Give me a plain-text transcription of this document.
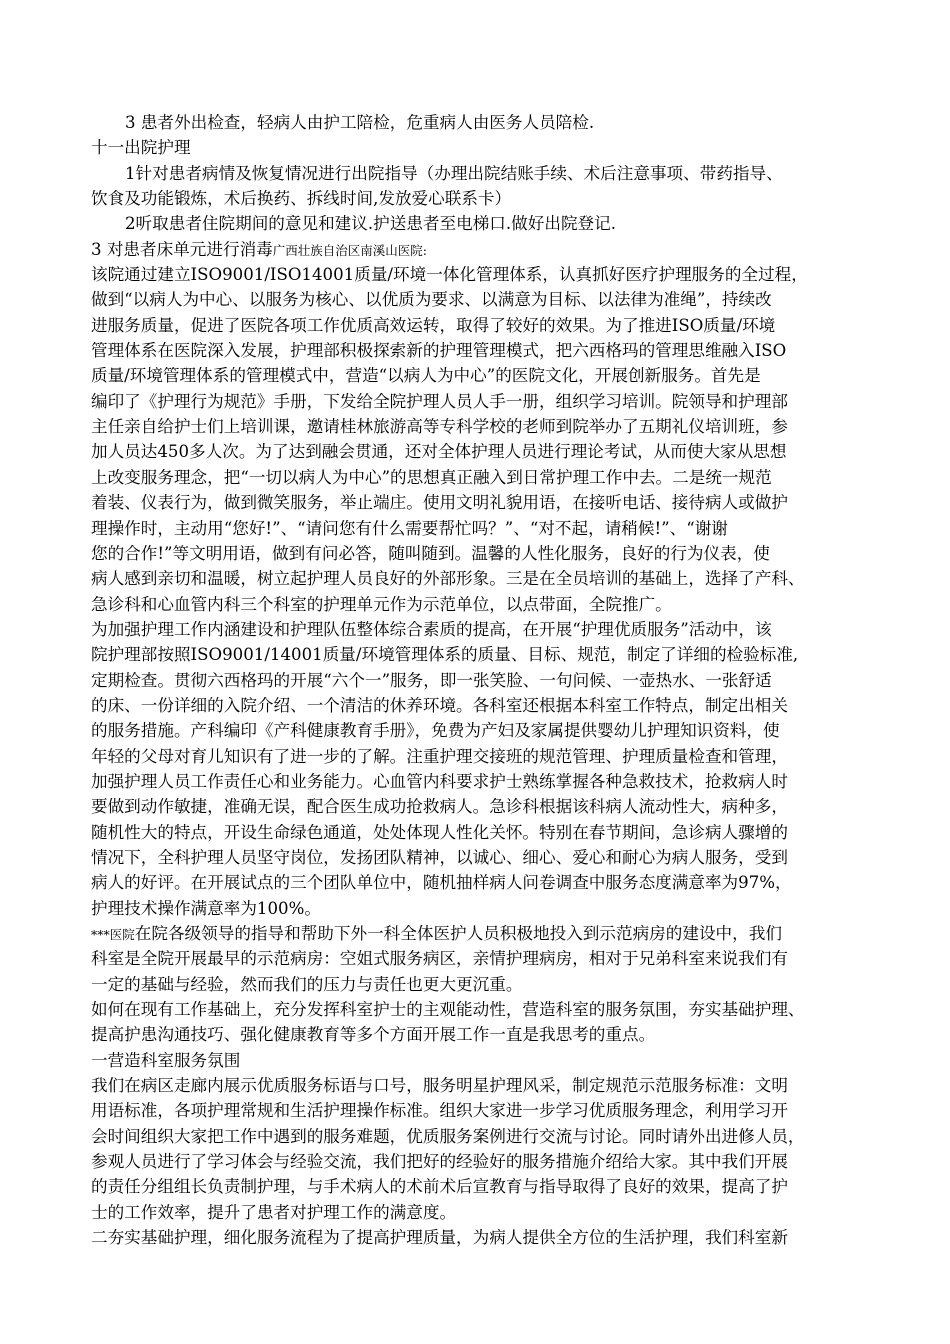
3 患者外出检查，轻病人由护工陪检，危重病人由医务人员陪检.
十一出院护理
1针对患者病情及恢复情况进行出院指导（办理出院结账手续、术后注意事项、带药指导、
饮食及功能锻炼，术后换药、拆线时间,发放爱心联系卡）
2听取患者住院期间的意见和建议.护送患者至电梯口.做好出院登记.
3 对患者床单元进行消毒广西壮族自治区南溪山医院:
该院通过建立ISO9001/ISO14001质量/环境一体化管理体系，认真抓好医疗护理服务的全过程，
做到“以病人为中心、以服务为核心、以优质为要求、以满意为目标、以法律为准绳”，持续改
进服务质量，促进了医院各项工作优质高效运转，取得了较好的效果。为了推进ISO质量/环境
管理体系在医院深入发展，护理部积极探索新的护理管理模式，把六西格玛的管理思维融入ISO
质量/环境管理体系的管理模式中，营造“以病人为中心”的医院文化，开展创新服务。首先是
编印了《护理行为规范》手册，下发给全院护理人员人手一册，组织学习培训。院领导和护理部
主任亲自给护士们上培训课，邀请桂林旅游高等专科学校的老师到院举办了五期礼仪培训班，参
加人员达450多人次。为了达到融会贯通，还对全体护理人员进行理论考试，从而使大家从思想
上改变服务理念，把“一切以病人为中心”的思想真正融入到日常护理工作中去。二是统一规范
着装、仪表行为，做到微笑服务，举止端庄。使用文明礼貌用语，在接听电话、接待病人或做护
理操作时，主动用“您好!”、“请问您有什么需要帮忙吗？”、“对不起，请稍候!”、“谢谢
您的合作!”等文明用语，做到有问必答，随叫随到。温馨的人性化服务，良好的行为仪表，使
病人感到亲切和温暖，树立起护理人员良好的外部形象。三是在全员培训的基础上，选择了产科、
急诊科和心血管内科三个科室的护理单元作为示范单位，以点带面，全院推广。
为加强护理工作内涵建设和护理队伍整体综合素质的提高，在开展“护理优质服务”活动中，该
院护理部按照ISO9001/14001质量/环境管理体系的质量、目标、规范，制定了详细的检验标准,
定期检查。贯彻六西格玛的开展“六个一”服务，即一张笑脸、一句问候、一壶热水、一张舒适
的床、一份详细的入院介绍、一个清洁的休养环境。各科室还根据本科室工作特点，制定出相关
的服务措施。产科编印《产科健康教育手册》，免费为产妇及家属提供婴幼儿护理知识资料，使
年轻的父母对育儿知识有了进一步的了解。注重护理交接班的规范管理、护理质量检查和管理，
加强护理人员工作责任心和业务能力。心血管内科要求护士熟练掌握各种急救技术，抢救病人时
要做到动作敏捷，准确无误，配合医生成功抢救病人。急诊科根据该科病人流动性大，病种多，
随机性大的特点，开设生命绿色通道，处处体现人性化关怀。特别在春节期间，急诊病人骤增的
情况下，全科护理人员坚守岗位，发扬团队精神，以诚心、细心、爱心和耐心为病人服务，受到
病人的好评。在开展试点的三个团队单位中，随机抽样病人问卷调查中服务态度满意率为97%，
护理技术操作满意率为100%。
***医院在院各级领导的指导和帮助下外一科全体医护人员积极地投入到示范病房的建设中，我们
科室是全院开展最早的示范病房：空姐式服务病区，亲情护理病房，相对于兄弟科室来说我们有
一定的基础与经验，然而我们的压力与责任也更大更沉重。
如何在现有工作基础上，充分发挥科室护士的主观能动性，营造科室的服务氛围，夯实基础护理、
提高护患沟通技巧、强化健康教育等多个方面开展工作一直是我思考的重点。
一营造科室服务氛围
我们在病区走廊内展示优质服务标语与口号，服务明星护理风采，制定规范示范服务标准：文明
用语标准，各项护理常规和生活护理操作标准。组织大家进一步学习优质服务理念，利用学习开
会时间组织大家把工作中遇到的服务难题，优质服务案例进行交流与讨论。同时请外出进修人员，
参观人员进行了学习体会与经验交流，我们把好的经验好的服务措施介绍给大家。其中我们开展
的责任分组组长负责制护理，与手术病人的术前术后宣教育与指导取得了良好的效果，提高了护
士的工作效率，提升了患者对护理工作的满意度。
二夯实基础护理，细化服务流程为了提高护理质量，为病人提供全方位的生活护理，我们科室新
